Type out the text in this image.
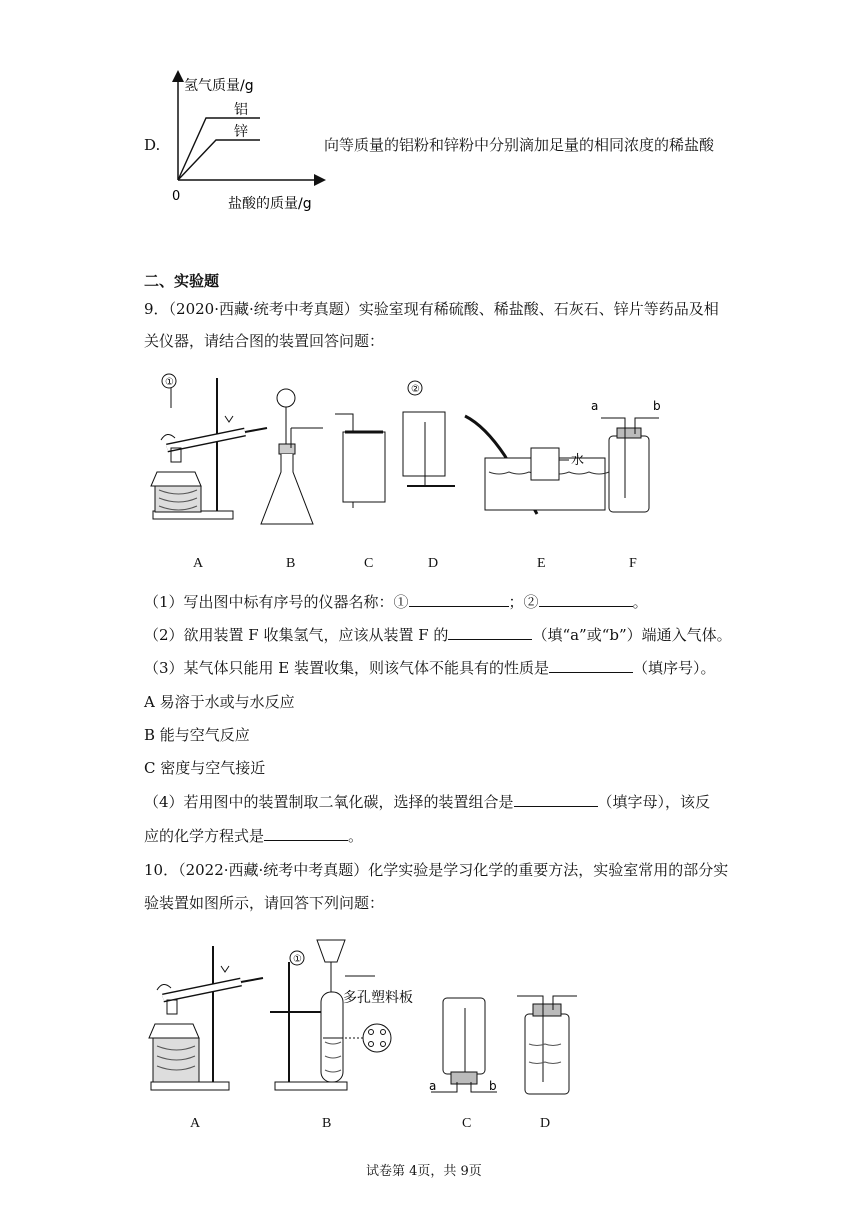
D.
氢气质量/g
铝
锌
0	盐酸的质量/g
向等质量的铝粉和锌粉中分别滴加足量的相同浓度的稀盐酸
二、实验题
9．（2020·西藏·统考中考真题）实验室现有稀硫酸、稀盐酸、石灰石、锌片等药品及相
关仪器，请结合图的装置回答问题：
①
②
水
a	b
A	B	C	D	E	F
（1）写出图中标有序号的仪器名称：①	；②	。
（2）欲用装置 F 收集氢气，应该从装置 F 的	（填“a”或“b”）端通入气体。
（3）某气体只能用 E 装置收集，则该气体不能具有的性质是	（填序号）。
A 易溶于水或与水反应
B 能与空气反应
C 密度与空气接近
（4）若用图中的装置制取二氧化碳，选择的装置组合是	（填字母），该反
应的化学方程式是	。
10．（2022·西藏·统考中考真题）化学实验是学习化学的重要方法，实验室常用的部分实
验装置如图所示，请回答下列问题：
多孔塑料板
①
a	b
A	B	C	D
试卷第 4页，共 9页
